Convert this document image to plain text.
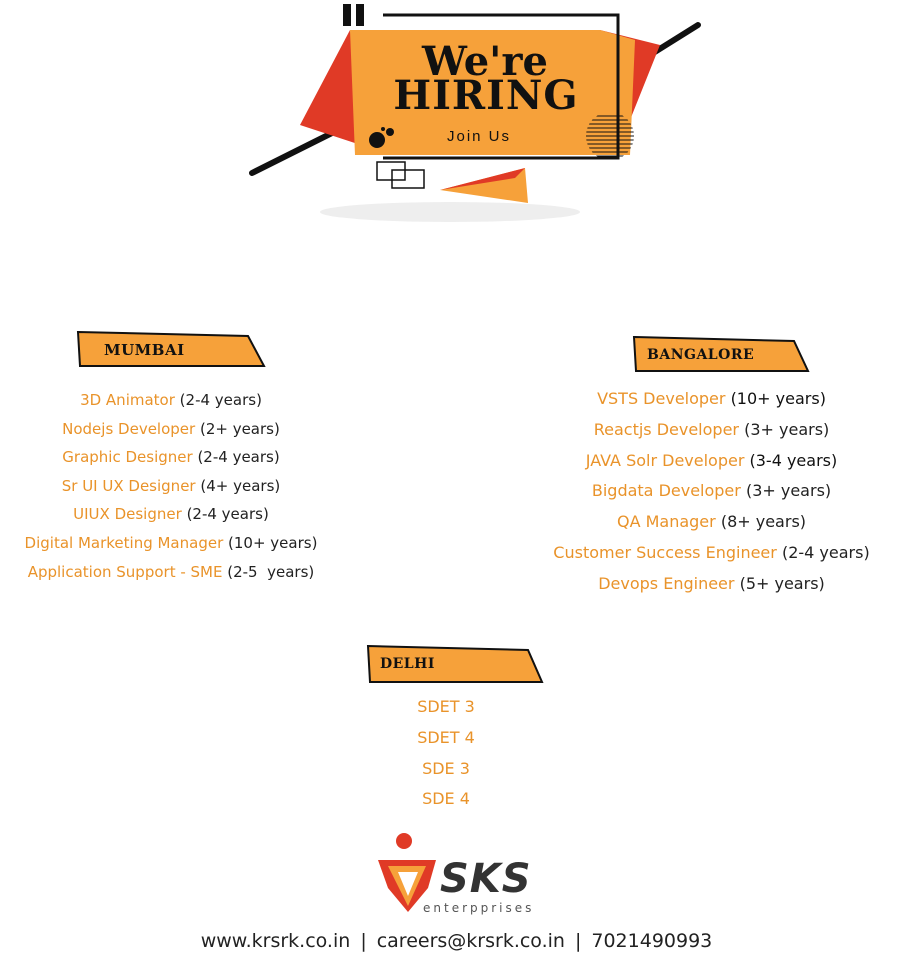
We're
HIRING
Join Us
MUMBAI
3D Animator (2-4 years)
Nodejs Developer (2+ years)
Graphic Designer (2-4 years)
Sr UI UX Designer (4+ years)
UIUX Designer (2-4 years)
Digital Marketing Manager (10+ years)
Application Support - SME (2-5  years)
BANGALORE
VSTS Developer (10+ years)
Reactjs Developer (3+ years)
JAVA Solr Developer (3-4 years)
Bigdata Developer (3+ years)
QA Manager (8+ years)
Customer Success Engineer (2-4 years)
Devops Engineer (5+ years)
DELHI
SDET 3
SDET 4
SDE 3
SDE 4
SKS
enterpprises
www.krsrk.co.in | careers@krsrk.co.in | 7021490993
